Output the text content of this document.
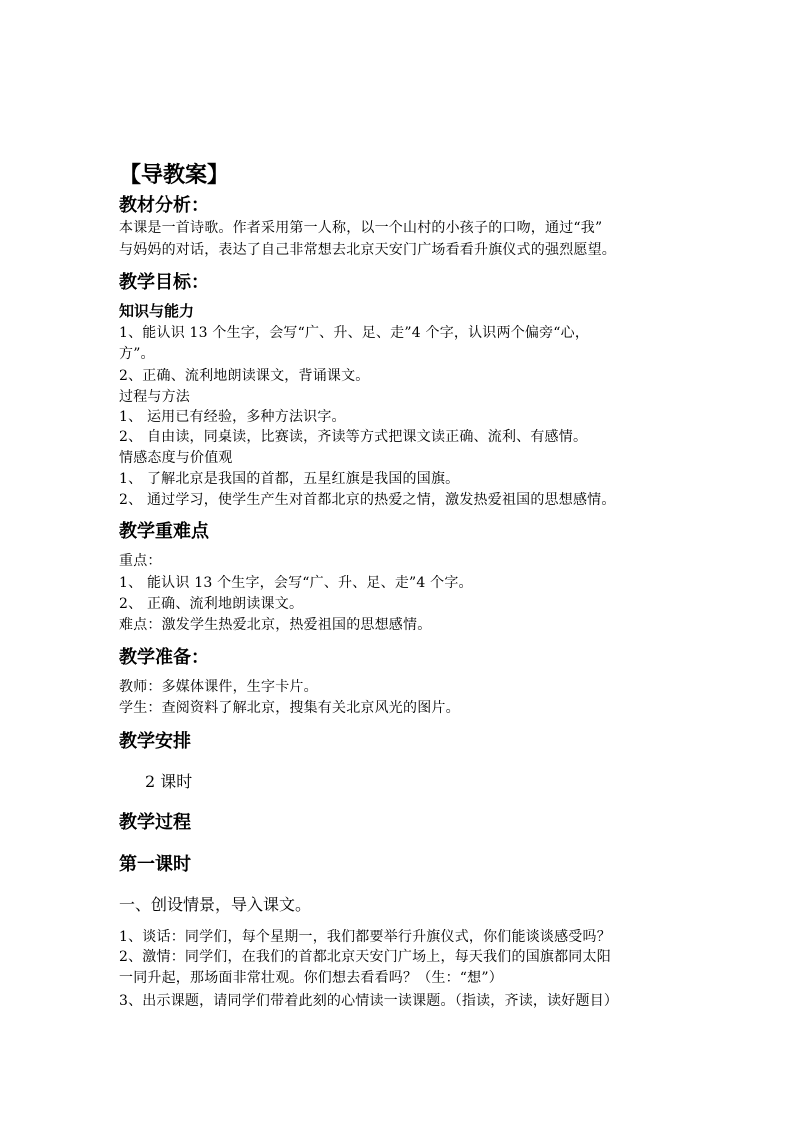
【导教案】
教材分析：
本课是一首诗歌。作者采用第一人称，以一个山村的小孩子的口吻，通过“我”
与妈妈的对话，表达了自己非常想去北京天安门广场看看升旗仪式的强烈愿望。
教学目标：
知识与能力
1、能认识 13 个生字，会写“广、升、足、走”4 个字，认识两个偏旁“心，
方”。
2、正确、流利地朗读课文，背诵课文。
过程与方法
1、 运用已有经验，多种方法识字。
2、 自由读，同桌读，比赛读，齐读等方式把课文读正确、流利、有感情。
情感态度与价值观
1、 了解北京是我国的首都，五星红旗是我国的国旗。
2、 通过学习，使学生产生对首都北京的热爱之情，激发热爱祖国的思想感情。
教学重难点
重点：
1、 能认识 13 个生字，会写“广、升、足、走”4 个字。
2、 正确、流利地朗读课文。
难点：激发学生热爱北京，热爱祖国的思想感情。
教学准备：
教师：多媒体课件，生字卡片。
学生：查阅资料了解北京，搜集有关北京风光的图片。
教学安排
2 课时
教学过程
第一课时
一、创设情景，导入课文。
1、谈话：同学们，每个星期一，我们都要举行升旗仪式，你们能谈谈感受吗？
2、激情：同学们，在我们的首都北京天安门广场上，每天我们的国旗都同太阳
一同升起，那场面非常壮观。你们想去看看吗？（生：“想”）
3、出示课题，请同学们带着此刻的心情读一读课题。（指读，齐读，读好题目）
